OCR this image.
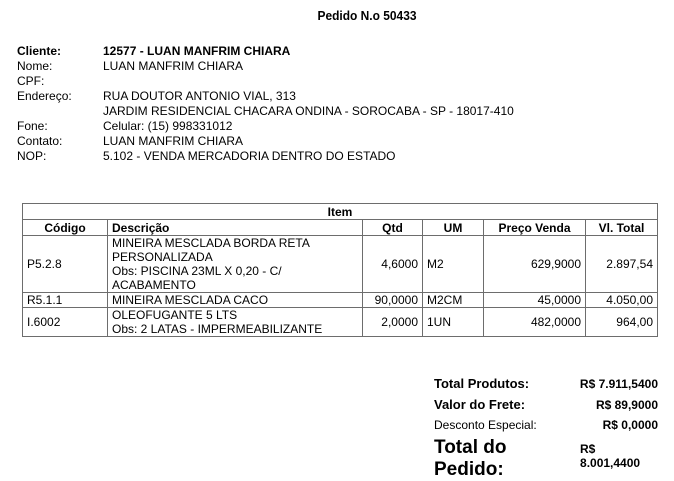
Pedido N.o 50433
Cliente:	12577 - LUAN MANFRIM CHIARA
Nome:	LUAN MANFRIM CHIARA
CPF:
Endereço:	RUA DOUTOR ANTONIO VIAL, 313
JARDIM RESIDENCIAL CHACARA ONDINA - SOROCABA - SP - 18017-410
Fone:	Celular: (15) 998331012
Contato:	LUAN MANFRIM CHIARA
NOP:	5.102 - VENDA MERCADORIA DENTRO DO ESTADO
Item					
Código	Descrição	Qtd	UM	Preço Venda	Vl. Total
P5.2.8	MINEIRA MESCLADA BORDA RETA
PERSONALIZADA
Obs: PISCINA 23ML X 0,20 - C/
ACABAMENTO	4,6000	M2	629,9000	2.897,54
R5.1.1	MINEIRA MESCLADA CACO	90,0000	M2CM	45,0000	4.050,00
I.6002	OLEOFUGANTE 5 LTS
Obs: 2 LATAS - IMPERMEABILIZANTE	2,0000	1UN	482,0000	964,00
Total Produtos:	R$ 7.911,5400
Valor do Frete:	R$ 89,9000
Desconto Especial:	R$ 0,0000
Total do Pedido:
R$ 8.001,4400
